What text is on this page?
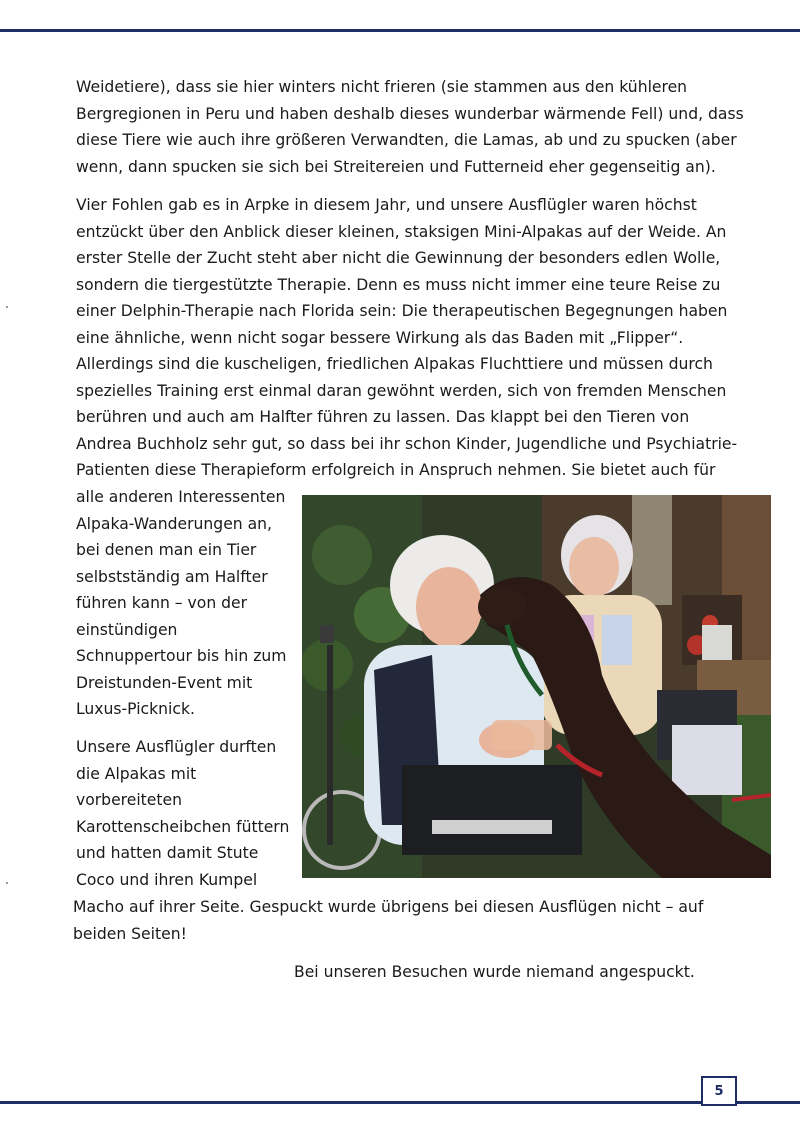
Weidetiere), dass sie hier winters nicht frieren (sie stammen aus den kühleren

Bergregionen in Peru und haben deshalb dieses wunderbar wärmende Fell) und, dass

diese Tiere wie auch ihre größeren Verwandten, die Lamas, ab und zu spucken (aber

wenn, dann spucken sie sich bei Streitereien und Futterneid eher gegenseitig an).

Vier Fohlen gab es in Arpke in diesem Jahr, und unsere Ausflügler waren höchst

entzückt über den Anblick dieser kleinen, staksigen Mini-Alpakas auf der Weide. An

erster Stelle der Zucht steht aber nicht die Gewinnung der besonders edlen Wolle,

sondern die tiergestützte Therapie. Denn es muss nicht immer eine teure Reise zu

einer Delphin-Therapie nach Florida sein: Die therapeutischen Begegnungen haben

eine ähnliche, wenn nicht sogar bessere Wirkung als das Baden mit „Flipper“.

Allerdings sind die kuscheligen, friedlichen Alpakas Fluchttiere und müssen durch

spezielles Training erst einmal daran gewöhnt werden, sich von fremden Menschen

berühren und auch am Halfter führen zu lassen. Das klappt bei den Tieren von

Andrea Buchholz sehr gut, so dass bei ihr schon Kinder, Jugendliche und Psychiatrie-

Patienten diese Therapieform erfolgreich in Anspruch nehmen. Sie bietet auch für

alle anderen Interessenten

Alpaka-Wanderungen an,

bei denen man ein Tier

selbstständig am Halfter

führen kann – von der

einstündigen

Schnuppertour bis hin zum

Dreistunden-Event mit

Luxus-Picknick.

Unsere Ausflügler durften

die Alpakas mit

vorbereiteten

Karottenscheibchen füttern

und hatten damit Stute

Coco und ihren Kumpel

Macho auf ihrer Seite. Gespuckt wurde übrigens bei diesen Ausflügen nicht – auf

beiden Seiten!

Bei unseren Besuchen wurde niemand angespuckt.

5
